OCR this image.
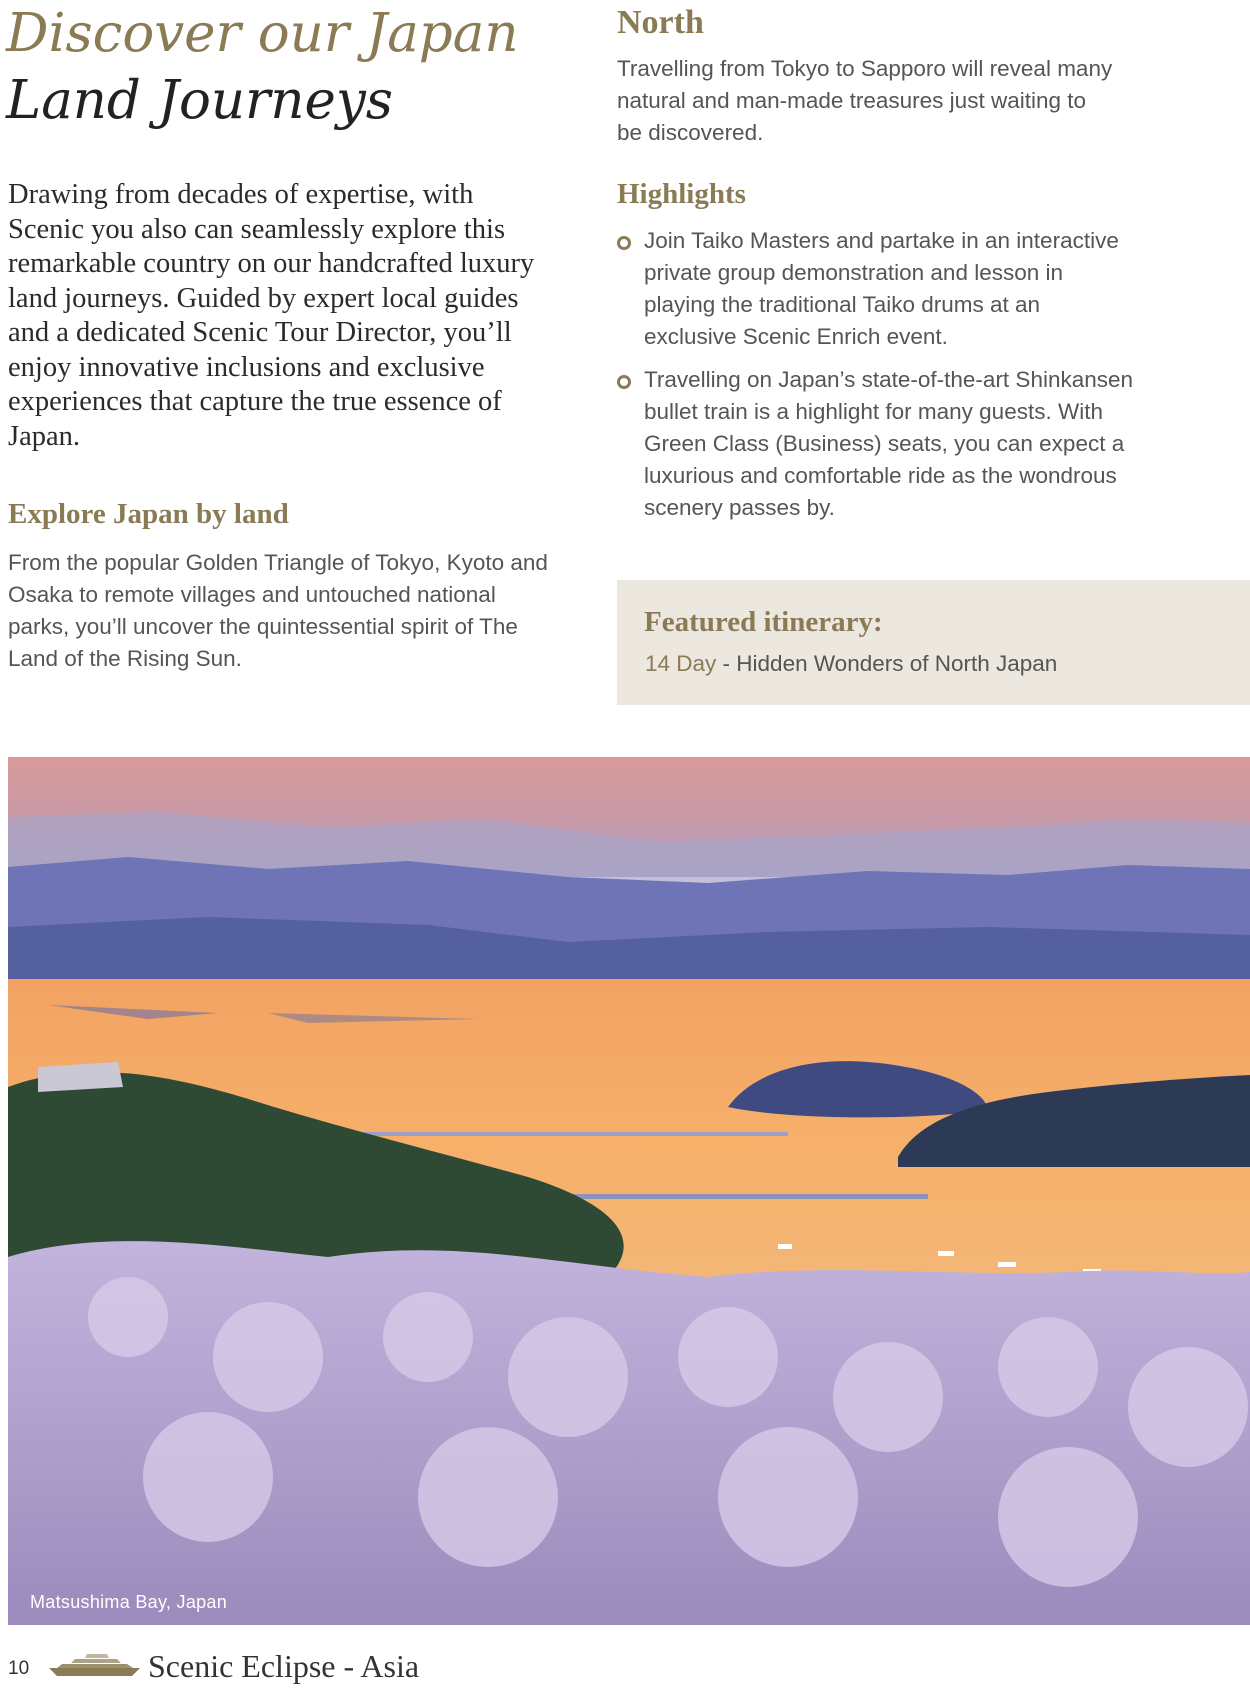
Discover our Japan
Land Journeys

Drawing from decades of expertise, with Scenic you also can seamlessly explore this remarkable country on our handcrafted luxury land journeys. Guided by expert local guides and a dedicated Scenic Tour Director, you’ll enjoy innovative inclusions and exclusive experiences that capture the true essence of Japan.

Explore Japan by land

From the popular Golden Triangle of Tokyo, Kyoto and Osaka to remote villages and untouched national parks, you’ll uncover the quintessential spirit of The Land of the Rising Sun.

North

Travelling from Tokyo to Sapporo will reveal many natural and man-made treasures just waiting to be discovered.

Highlights
Join Taiko Masters and partake in an interactive private group demonstration and lesson in playing the traditional Taiko drums at an exclusive Scenic Enrich event.
Travelling on Japan’s state-of-the-art Shinkansen bullet train is a highlight for many guests. With Green Class (Business) seats, you can expect a luxurious and comfortable ride as the wondrous scenery passes by.

Featured itinerary:

14 Day - Hidden Wonders of North Japan
Matsushima Bay, Japan
10	Scenic Eclipse - Asia
